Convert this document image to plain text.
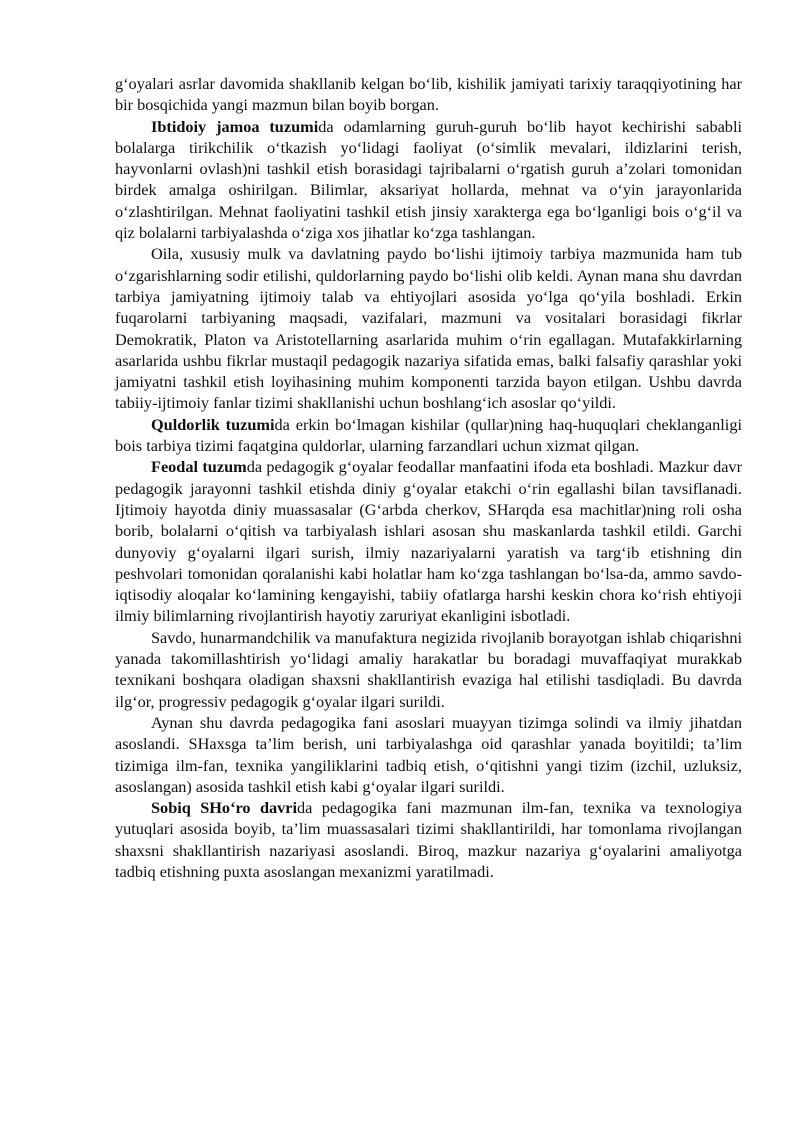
g‘oyalari asrlar davomida shakllanib kelgan bo‘lib, kishilik jamiyati tarixiy taraqqiyotining har bir bosqichida yangi mazmun bilan boyib borgan.

Ibtidoiy jamoa tuzumida odamlarning guruh-guruh bo‘lib hayot kechirishi sababli bolalarga tirikchilik o‘tkazish yo‘lidagi faoliyat (o‘simlik mevalari, ildizlarini terish, hayvonlarni ovlash)ni tashkil etish borasidagi tajribalarni o‘rgatish guruh a’zolari tomonidan birdek amalga oshirilgan. Bilimlar, aksariyat hollarda, mehnat va o‘yin jarayonlarida o‘zlashtirilgan. Mehnat faoliyatini tashkil etish jinsiy xarakterga ega bo‘lganligi bois o‘g‘il va qiz bolalarni tarbiyalashda o‘ziga xos jihatlar ko‘zga tashlangan.

Oila, xususiy mulk va davlatning paydo bo‘lishi ijtimoiy tarbiya mazmunida ham tub o‘zgarishlarning sodir etilishi, quldorlarning paydo bo‘lishi olib keldi. Aynan mana shu davrdan tarbiya jamiyatning ijtimoiy talab va ehtiyojlari asosida yo‘lga qo‘yila boshladi. Erkin fuqarolarni tarbiyaning maqsadi, vazifalari, mazmuni va vositalari borasidagi fikrlar Demokratik, Platon va Aristotellarning asarlarida muhim o‘rin egallagan. Mutafakkirlarning asarlarida ushbu fikrlar mustaqil pedagogik nazariya sifatida emas, balki falsafiy qarashlar yoki jamiyatni tashkil etish loyihasining muhim komponenti tarzida bayon etilgan. Ushbu davrda tabiiy-ijtimoiy fanlar tizimi shakllanishi uchun boshlang‘ich asoslar qo‘yildi.

Quldorlik tuzumida erkin bo‘lmagan kishilar (qullar)ning haq-huquqlari cheklanganligi bois tarbiya tizimi faqatgina quldorlar, ularning farzandlari uchun xizmat qilgan.

Feodal tuzumda pedagogik g‘oyalar feodallar manfaatini ifoda eta boshladi. Mazkur davr pedagogik jarayonni tashkil etishda diniy g‘oyalar etakchi o‘rin egallashi bilan tavsiflanadi. Ijtimoiy hayotda diniy muassasalar (G‘arbda cherkov, SHarqda esa machitlar)ning roli osha borib, bolalarni o‘qitish va tarbiyalash ishlari asosan shu maskanlarda tashkil etildi. Garchi dunyoviy g‘oyalarni ilgari surish, ilmiy nazariyalarni yaratish va targ‘ib etishning din peshvolari tomonidan qoralanishi kabi holatlar ham ko‘zga tashlangan bo‘lsa-da, ammo savdo-iqtisodiy aloqalar ko‘lamining kengayishi, tabiiy ofatlarga harshi keskin chora ko‘rish ehtiyoji ilmiy bilimlarning rivojlantirish hayotiy zaruriyat ekanligini isbotladi.

Savdo, hunarmandchilik va manufaktura negizida rivojlanib borayotgan ishlab chiqarishni yanada takomillashtirish yo‘lidagi amaliy harakatlar bu boradagi muvaffaqiyat murakkab texnikani boshqara oladigan shaxsni shakllantirish evaziga hal etilishi tasdiqladi. Bu davrda ilg‘or, progressiv pedagogik g‘oyalar ilgari surildi.

Aynan shu davrda pedagogika fani asoslari muayyan tizimga solindi va ilmiy jihatdan asoslandi. SHaxsga ta’lim berish, uni tarbiyalashga oid qarashlar yanada boyitildi; ta’lim tizimiga ilm-fan, texnika yangiliklarini tadbiq etish, o‘qitishni yangi tizim (izchil, uzluksiz, asoslangan) asosida tashkil etish kabi g‘oyalar ilgari surildi.

Sobiq SHo‘ro davrida pedagogika fani mazmunan ilm-fan, texnika va texnologiya yutuqlari asosida boyib, ta’lim muassasalari tizimi shakllantirildi, har tomonlama rivojlangan shaxsni shakllantirish nazariyasi asoslandi. Biroq, mazkur nazariya g‘oyalarini amaliyotga tadbiq etishning puxta asoslangan mexanizmi yaratilmadi.
